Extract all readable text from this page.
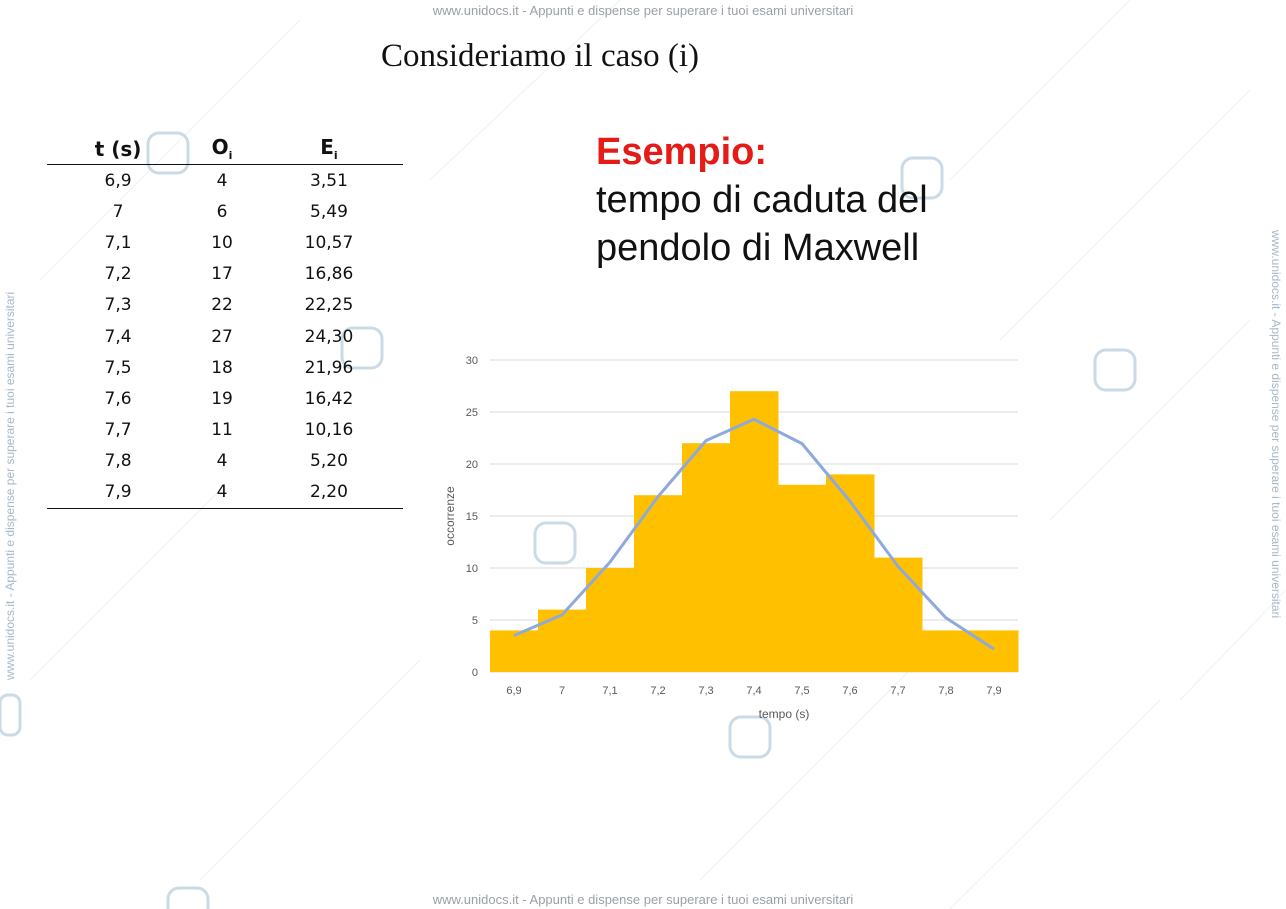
www.unidocs.it - Appunti e dispense per superare i tuoi esami universitari
www.unidocs.it - Appunti e dispense per superare i tuoi esami universitari
www.unidocs.it - Appunti e dispense per superare i tuoi esami universitari	www.unidocs.it - Appunti e dispense per superare i tuoi esami universitari
Consideriamo il caso (i)
Esempio:
tempo di caduta del
pendolo di Maxwell
t (s)	$O_i$	$E_i$
6,9	4	3,51
7	6	5,49
7,1	10	10,57
7,2	17	16,86
7,3	22	22,25
7,4	27	24,30
7,5	18	21,96
7,6	19	16,42
7,7	11	10,16
7,8	4	5,20
7,9	4	2,20
0
5
10
15
20
25
30
6,9	7	7,1	7,2	7,3	7,4	7,5	7,6	7,7	7,8	7,9
tempo (s)
occorrenze
